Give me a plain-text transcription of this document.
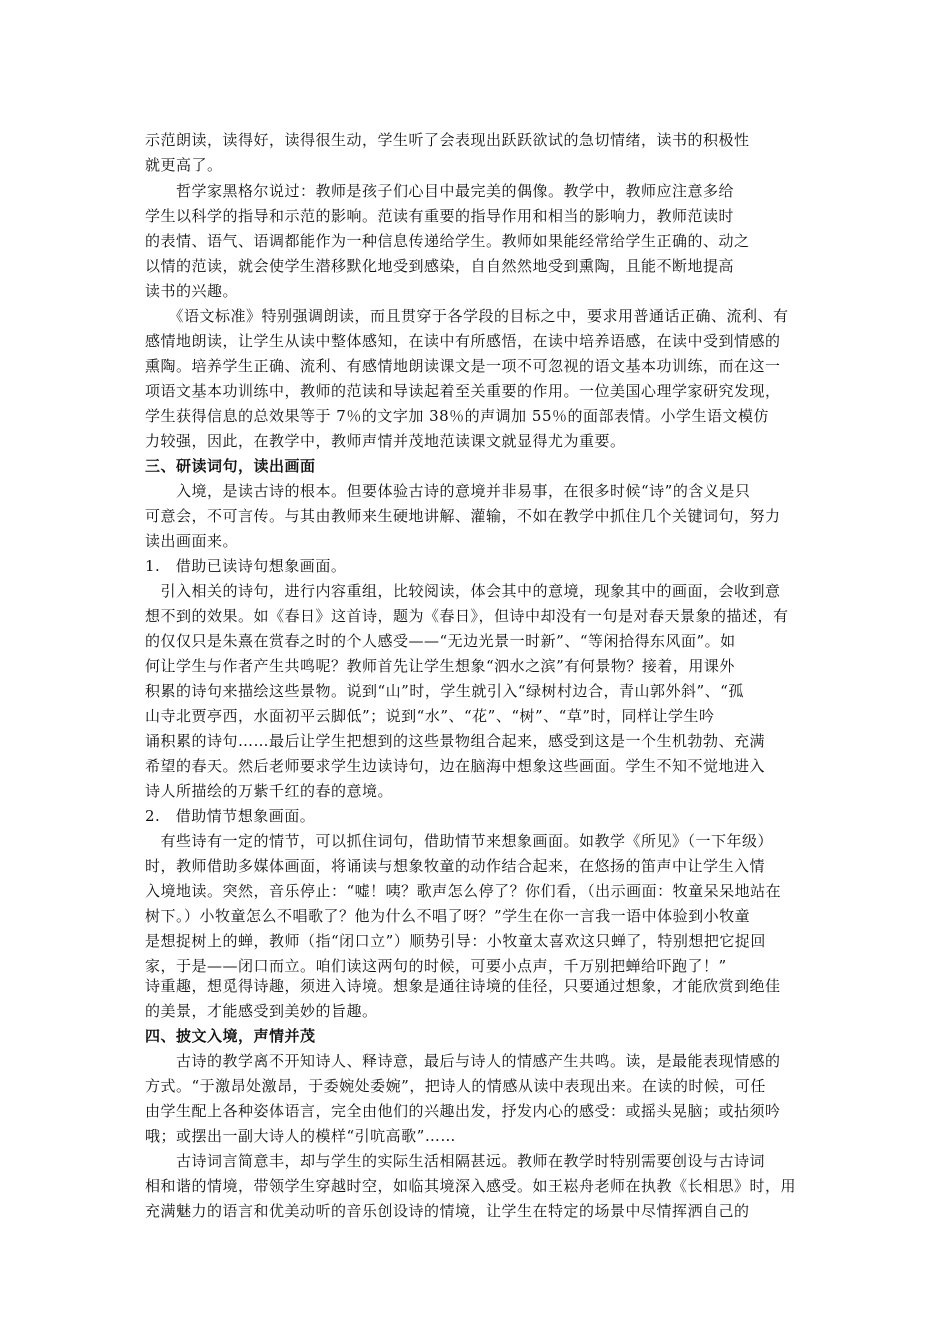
示范朗读，读得好，读得很生动，学生听了会表现出跃跃欲试的急切情绪，读书的积极性
就更高了。
　　哲学家黑格尔说过：教师是孩子们心目中最完美的偶像。教学中，教师应注意多给
学生以科学的指导和示范的影响。范读有重要的指导作用和相当的影响力，教师范读时
的表情、语气、语调都能作为一种信息传递给学生。教师如果能经常给学生正确的、动之
以情的范读，就会使学生潜移默化地受到感染，自自然然地受到熏陶，且能不断地提高
读书的兴趣。
　　《语文标准》特别强调朗读，而且贯穿于各学段的目标之中，要求用普通话正确、流利、有
感情地朗读，让学生从读中整体感知，在读中有所感悟，在读中培养语感，在读中受到情感的
熏陶。培养学生正确、流利、有感情地朗读课文是一项不可忽视的语文基本功训练，而在这一
项语文基本功训练中，教师的范读和导读起着至关重要的作用。一位美国心理学家研究发现，
学生获得信息的总效果等于 7％的文字加 38％的声调加 55％的面部表情。小学生语文模仿
力较强，因此，在教学中，教师声情并茂地范读课文就显得尤为重要。
三、研读词句，读出画面
　　入境，是读古诗的根本。但要体验古诗的意境并非易事，在很多时候“诗”的含义是只
可意会，不可言传。与其由教师来生硬地讲解、灌输，不如在教学中抓住几个关键词句，努力
读出画面来。
1.　借助已读诗句想象画面。
　引入相关的诗句，进行内容重组，比较阅读，体会其中的意境，现象其中的画面，会收到意
想不到的效果。如《春日》这首诗，题为《春日》，但诗中却没有一句是对春天景象的描述，有
的仅仅只是朱熹在赏春之时的个人感受——“无边光景一时新”、“等闲拾得东风面”。如
何让学生与作者产生共鸣呢？教师首先让学生想象“泗水之滨”有何景物？接着，用课外
积累的诗句来描绘这些景物。说到“山”时，学生就引入“绿树村边合，青山郭外斜”、“孤
山寺北贾亭西，水面初平云脚低”；说到“水”、“花”、“树”、“草”时，同样让学生吟
诵积累的诗句……最后让学生把想到的这些景物组合起来，感受到这是一个生机勃勃、充满
希望的春天。然后老师要求学生边读诗句，边在脑海中想象这些画面。学生不知不觉地进入
诗人所描绘的万紫千红的春的意境。
2.　借助情节想象画面。
　有些诗有一定的情节，可以抓住词句，借助情节来想象画面。如教学《所见》（一下年级）
时，教师借助多媒体画面，将诵读与想象牧童的动作结合起来，在悠扬的笛声中让学生入情
入境地读。突然，音乐停止：“嘘！咦？歌声怎么停了？你们看，（出示画面：牧童呆呆地站在
树下。）小牧童怎么不唱歌了？他为什么不唱了呀？”学生在你一言我一语中体验到小牧童
是想捉树上的蝉，教师（指“闭口立”）顺势引导：小牧童太喜欢这只蝉了，特别想把它捉回
家，于是——闭口而立。咱们读这两句的时候，可要小点声，千万别把蝉给吓跑了！”
诗重趣，想觅得诗趣，须进入诗境。想象是通往诗境的佳径，只要通过想象，才能欣赏到绝佳
的美景，才能感受到美妙的旨趣。
四、披文入境，声情并茂
　　古诗的教学离不开知诗人、释诗意，最后与诗人的情感产生共鸣。读，是最能表现情感的
方式。“于激昂处激昂，于委婉处委婉”，把诗人的情感从读中表现出来。在读的时候，可任
由学生配上各种姿体语言，完全由他们的兴趣出发，抒发内心的感受：或摇头晃脑；或拈须吟
哦；或摆出一副大诗人的模样“引吭高歌”……
　　古诗词言简意丰，却与学生的实际生活相隔甚远。教师在教学时特别需要创设与古诗词
相和谐的情境，带领学生穿越时空，如临其境深入感受。如王崧舟老师在执教《长相思》时，用
充满魅力的语言和优美动听的音乐创设诗的情境，让学生在特定的场景中尽情挥洒自己的
